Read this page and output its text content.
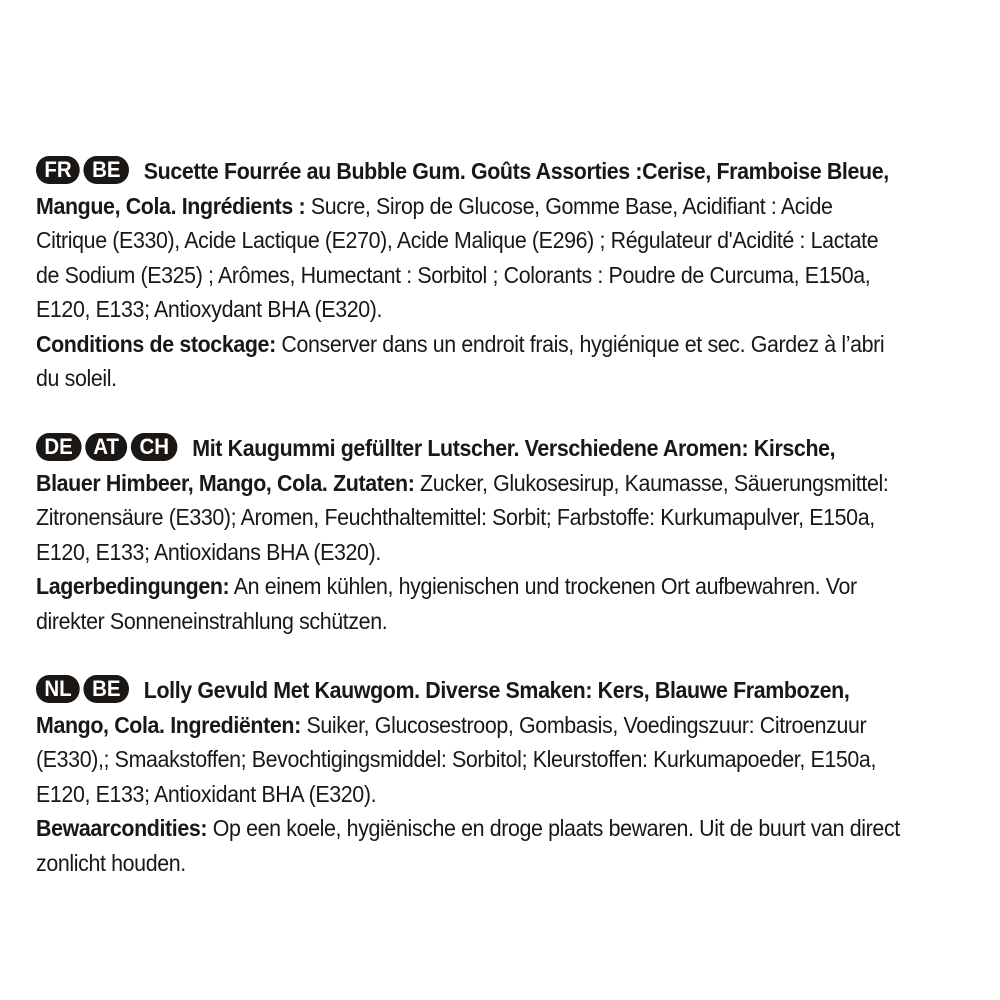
FR BE Sucette Fourrée au Bubble Gum. Goûts Assorties :Cerise, Framboise Bleue, Mangue, Cola. Ingrédients : Sucre, Sirop de Glucose, Gomme Base, Acidifiant : Acide Citrique (E330), Acide Lactique (E270), Acide Malique (E296) ; Régulateur d'Acidité : Lactate de Sodium (E325) ; Arômes, Humectant : Sorbitol ; Colorants : Poudre de Curcuma, E150a, E120, E133; Antioxydant BHA (E320).
Conditions de stockage: Conserver dans un endroit frais, hygiénique et sec. Gardez à l’abri du soleil.
DE AT CH Mit Kaugummi gefüllter Lutscher. Verschiedene Aromen: Kirsche, Blauer Himbeer, Mango, Cola. Zutaten: Zucker, Glukosesirup, Kaumasse, Säuerungsmittel: Zitronensäure (E330); Aromen, Feuchthaltemittel: Sorbit; Farbstoffe: Kurkumapulver, E150a, E120, E133; Antioxidans BHA (E320).
Lagerbedingungen: An einem kühlen, hygienischen und trockenen Ort aufbewahren. Vor direkter Sonneneinstrahlung schützen.
NL BE Lolly Gevuld Met Kauwgom. Diverse Smaken: Kers, Blauwe Frambozen, Mango, Cola. Ingrediënten: Suiker, Glucosestroop, Gombasis, Voedingszuur: Citroenzuur (E330),; Smaakstoffen; Bevochtigingsmiddel: Sorbitol; Kleurstoffen: Kurkumapoeder, E150a, E120, E133; Antioxidant BHA (E320).
Bewaarcondities: Op een koele, hygiënische en droge plaats bewaren. Uit de buurt van direct zonlicht houden.
